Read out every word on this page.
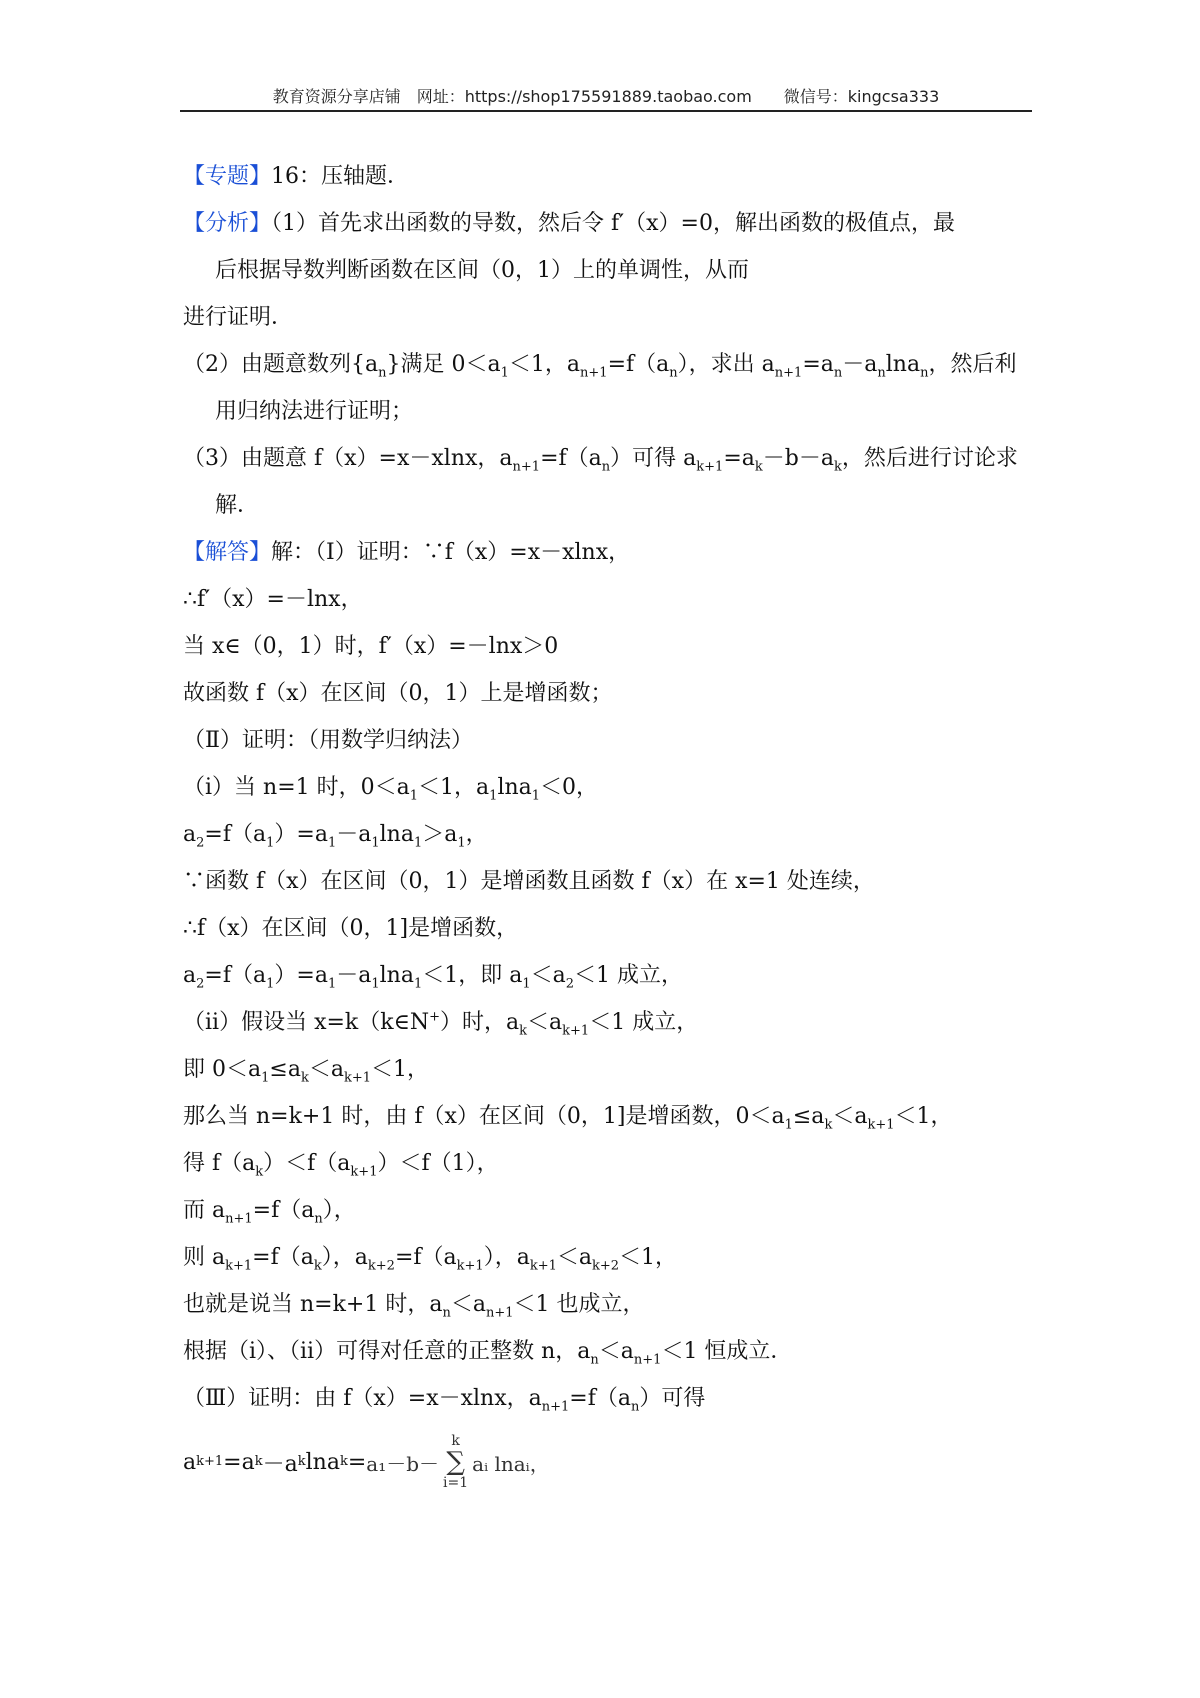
教育资源分享店铺　网址：https://shop175591889.taobao.com　　微信号：kingcsa333
【专题】16：压轴题．
【分析】（1）首先求出函数的导数，然后令 f′（x）=0，解出函数的极值点，最
后根据导数判断函数在区间（0，1）上的单调性，从而
进行证明．
（2）由题意数列$\{a_n\}$满足 $0<a_1<1$，$a_{n+1}=f(a_n)$，求出 $a_{n+1}=a_n-a_n\ln a_n$，然后利
用归纳法进行证明；
（3）由题意 f（x）=x－xlnx，$a_{n+1}=f(a_n)$可得 $a_{k+1}=a_k-b-a_k$，然后进行讨论求
解．
【解答】解：（Ⅰ）证明：∵f（x）=x－xlnx，
∴f′（x）=－lnx，
当 x∈（0，1）时，f′（x）=－lnx＞0
故函数 f（x）在区间（0，1）上是增函数；
（Ⅱ）证明：（用数学归纳法）
（i）当 n=1 时，$0<a_1<1$，$a_1\ln a_1<0$，
$a_2=f(a_1)=a_1-a_1\ln a_1>a_1$，
∵函数 f（x）在区间（0，1）是增函数且函数 f（x）在 x=1 处连续，
∴f（x）在区间（0，1]是增函数，
$a_2=f(a_1)=a_1-a_1\ln a_1<1$，即 $a_1<a_2<1$ 成立，
（ii）假设当 x=k（k∈N+）时，$a_k<a_{k+1}<1$ 成立，
即 $0<a_1\le a_k<a_{k+1}<1$，
那么当 n=k+1 时，由 f（x）在区间（0，1]是增函数，$0<a_1\le a_k<a_{k+1}<1$，
得 $f(a_k)<f(a_{k+1})<f(1)$，
而 $a_{n+1}=f(a_n)$，
则 $a_{k+1}=f(a_k)$，$a_{k+2}=f(a_{k+1})$，$a_{k+1}<a_{k+2}<1$，
也就是说当 n=k+1 时，$a_n<a_{n+1}<1$ 也成立，
根据（ⅰ）、（ⅱ）可得对任意的正整数 n，$a_n<a_{n+1}<1$ 恒成立．
（Ⅲ）证明：由 f（x）=x－xlnx，$a_{n+1}=f(a_n)$可得
a k+1 =a k －a k lna k = a₁－b－
k
∑
i=1
aᵢ lnaᵢ，
